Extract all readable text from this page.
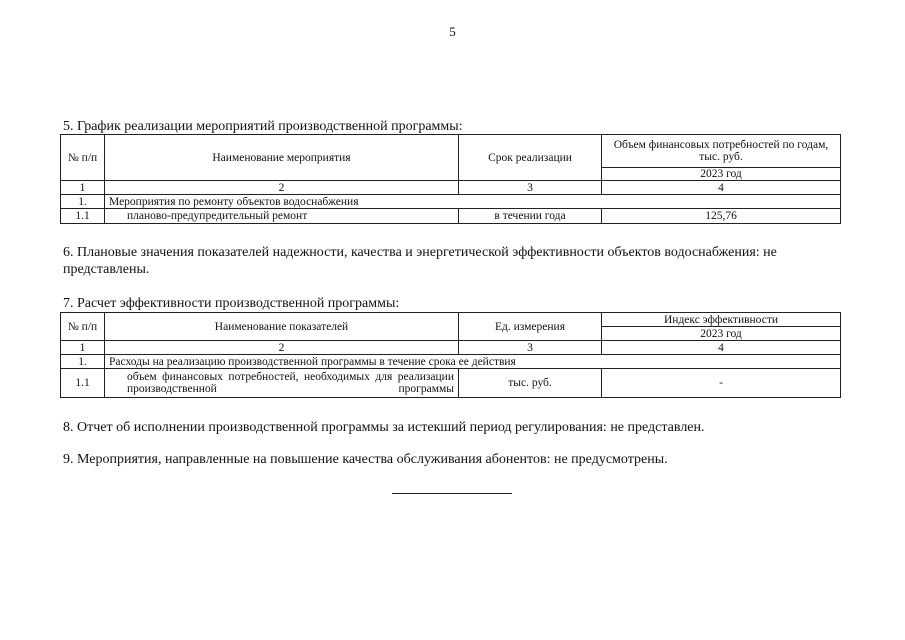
5
5. График реализации мероприятий производственной программы:
№ п/п	Наименование мероприятия	Срок реализации	Объем финансовых потребностей по годам, тыс. руб.
			2023 год
1	2	3	4
1.	Мероприятия по ремонту объектов водоснабжения		
1.1	планово-предупредительный ремонт	в течении года	125,76
6. Плановые значения показателей надежности, качества и энергетической эффективности объектов водоснабжения: не представлены.
7. Расчет эффективности производственной программы:
№ п/п	Наименование показателей	Ед. измерения	Индекс эффективности
			2023 год
1	2	3	4
1.	Расходы на реализацию производственной программы в течение срока ее действия		
1.1	объем финансовых потребностей, необходимых для реализации производственной программы	тыс. руб.	-
8. Отчет об исполнении производственной программы за истекший период регулирования: не представлен.
9. Мероприятия, направленные на повышение качества обслуживания абонентов: не предусмотрены.
